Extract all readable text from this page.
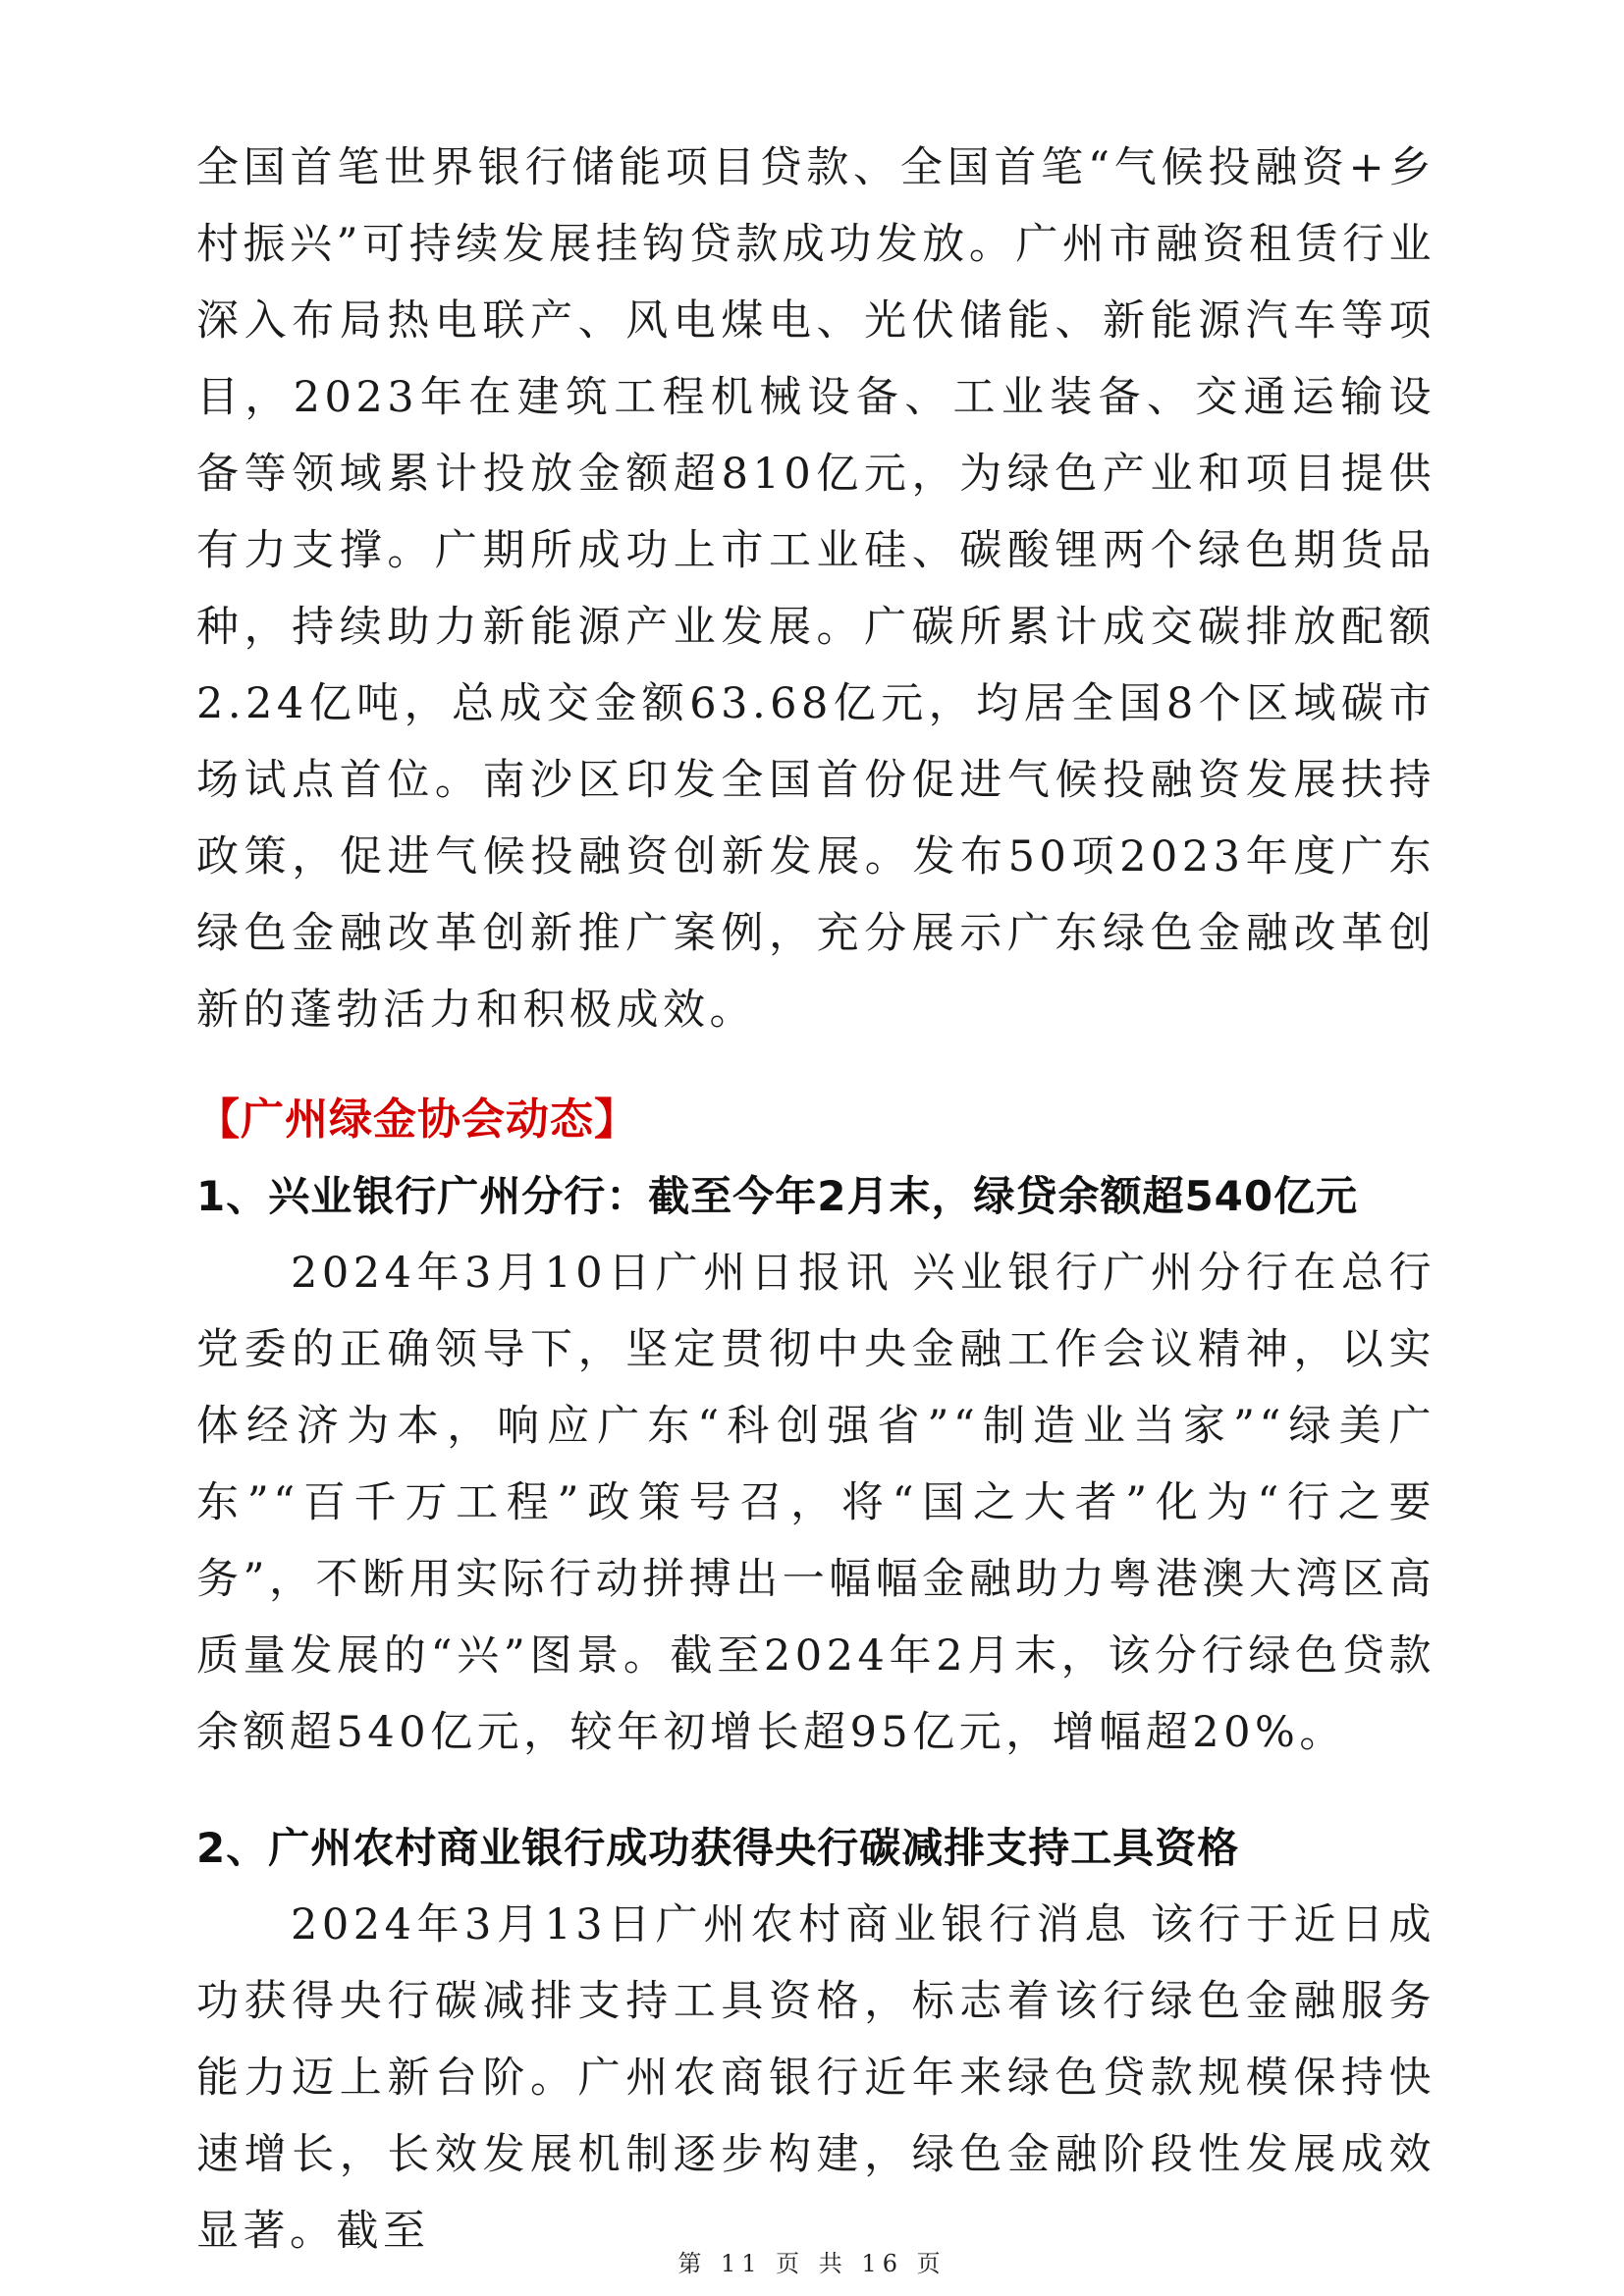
全国首笔世界银行储能项目贷款、全国首笔“气候投融资+乡村振兴”可持续发展挂钩贷款成功发放。广州市融资租赁行业深入布局热电联产、风电煤电、光伏储能、新能源汽车等项目，2023年在建筑工程机械设备、工业装备、交通运输设备等领域累计投放金额超810亿元，为绿色产业和项目提供有力支撑。广期所成功上市工业硅、碳酸锂两个绿色期货品种，持续助力新能源产业发展。广碳所累计成交碳排放配额2.24亿吨，总成交金额63.68亿元，均居全国8个区域碳市场试点首位。南沙区印发全国首份促进气候投融资发展扶持政策，促进气候投融资创新发展。发布50项2023年度广东绿色金融改革创新推广案例，充分展示广东绿色金融改革创新的蓬勃活力和积极成效。

【广州绿金协会动态】
1、兴业银行广州分行：截至今年2月末，绿贷余额超540亿元

2024年3月10日广州日报讯 兴业银行广州分行在总行党委的正确领导下，坚定贯彻中央金融工作会议精神，以实体经济为本，响应广东“科创强省”“制造业当家”“绿美广东”“百千万工程”政策号召，将“国之大者”化为“行之要务”，不断用实际行动拼搏出一幅幅金融助力粤港澳大湾区高质量发展的“兴”图景。截至2024年2月末，该分行绿色贷款余额超540亿元，较年初增长超95亿元，增幅超20%。

2、广州农村商业银行成功获得央行碳减排支持工具资格

2024年3月13日广州农村商业银行消息 该行于近日成功获得央行碳减排支持工具资格，标志着该行绿色金融服务能力迈上新台阶。广州农商银行近年来绿色贷款规模保持快速增长，长效发展机制逐步构建，绿色金融阶段性发展成效显著。截至

第 11 页 共 16 页
